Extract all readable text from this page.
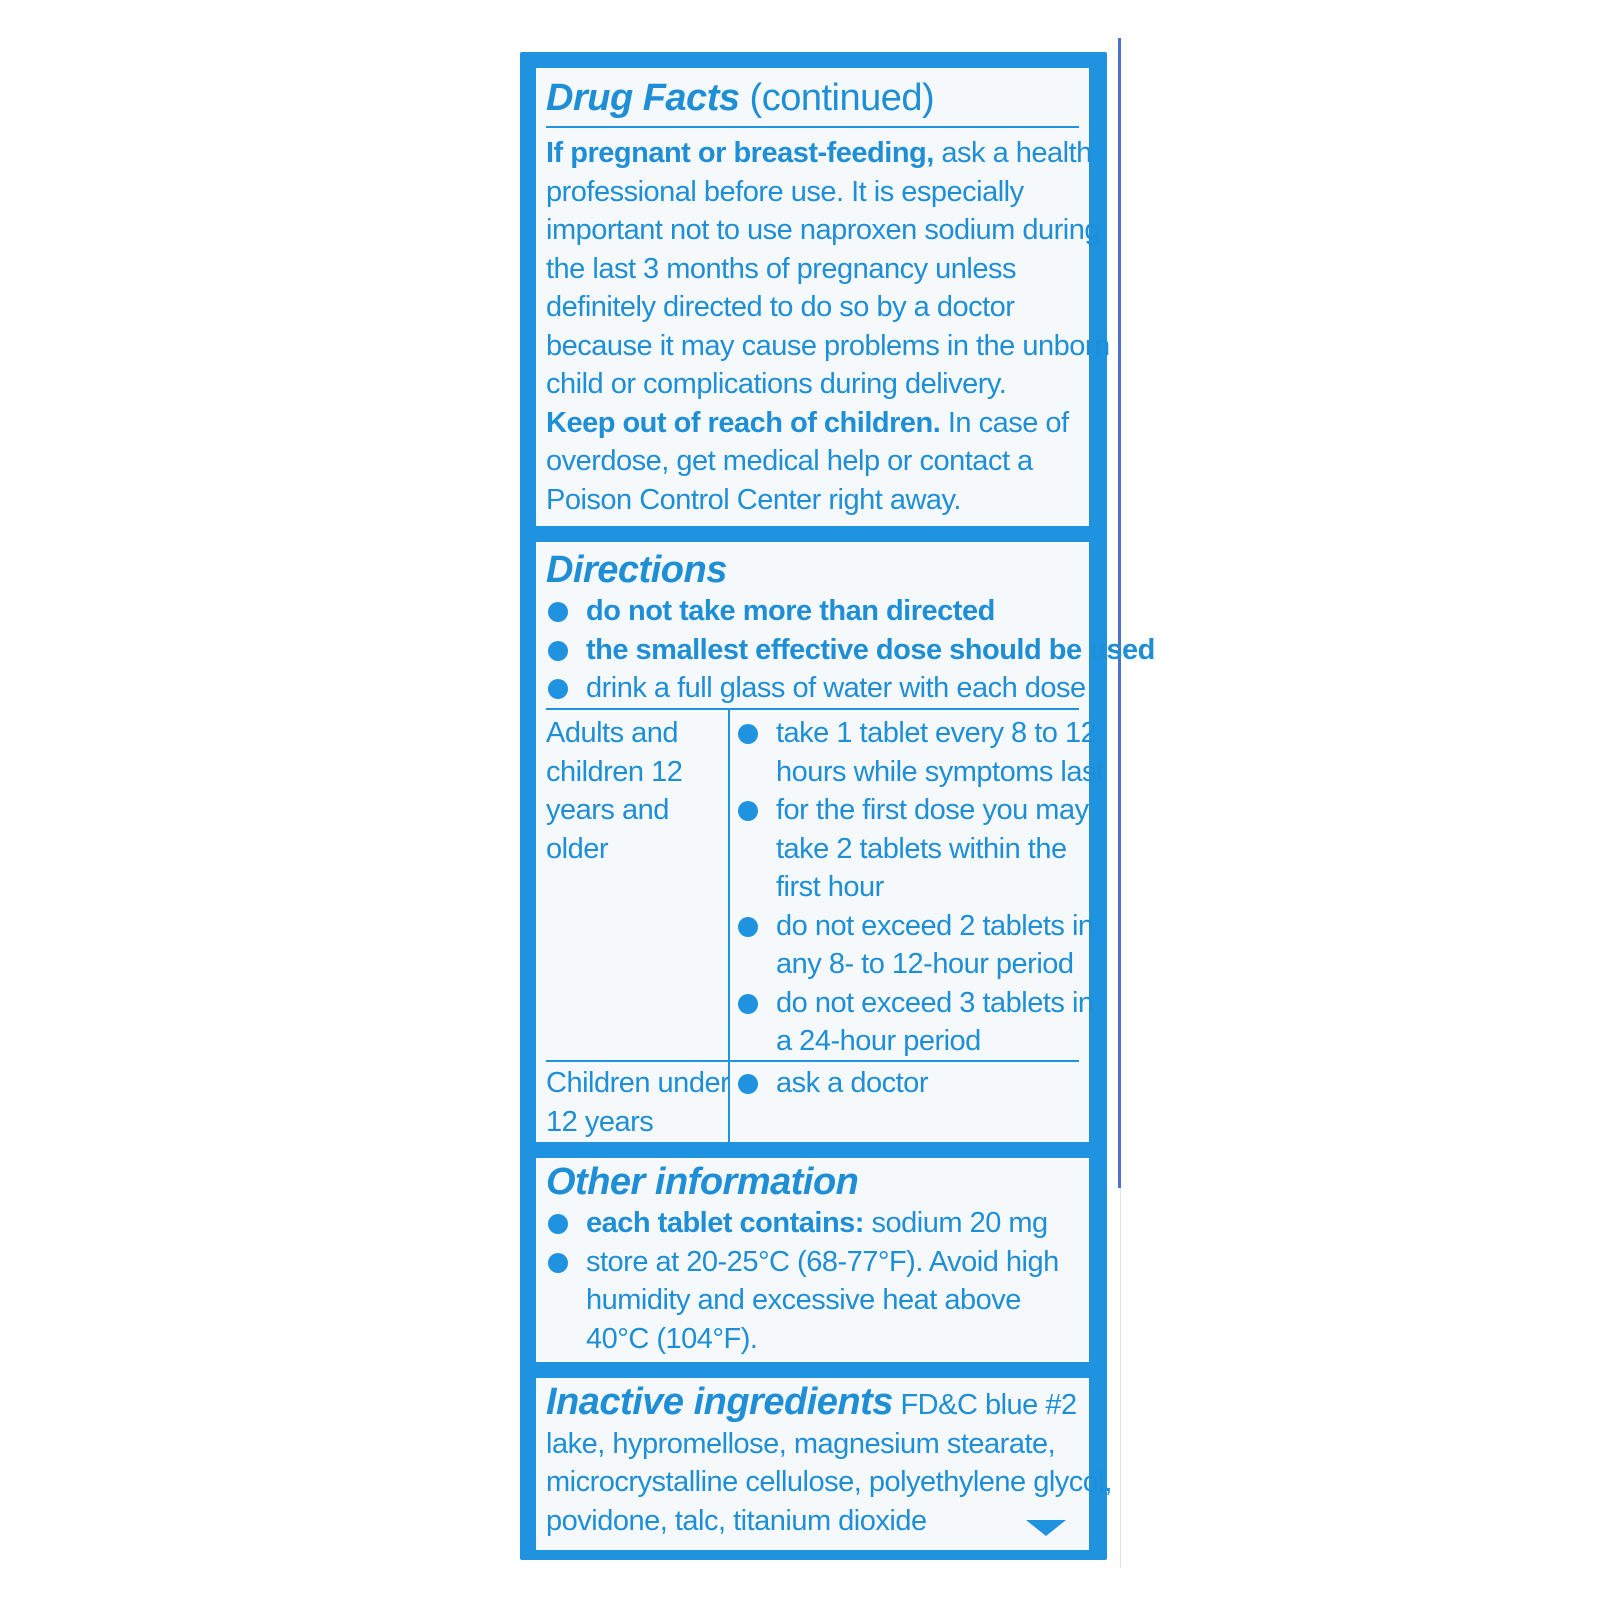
Drug Facts (continued)
If pregnant or breast-feeding, ask a health
professional before use. It is especially
important not to use naproxen sodium during
the last 3 months of pregnancy unless
definitely directed to do so by a doctor
because it may cause problems in the unborn
child or complications during delivery.
Keep out of reach of children. In case of
overdose, get medical help or contact a
Poison Control Center right away.
Directions
do not take more than directed
the smallest effective dose should be used
drink a full glass of water with each dose
Adults and
children 12
years and
older
take 1 tablet every 8 to 12
hours while symptoms last
for the first dose you may
take 2 tablets within the
first hour
do not exceed 2 tablets in
any 8- to 12-hour period
do not exceed 3 tablets in
a 24-hour period
Children under
12 years
ask a doctor
Other information
each tablet contains: sodium 20 mg
store at 20-25°C (68-77°F). Avoid high
humidity and excessive heat above
40°C (104°F).
Inactive ingredients FD&C blue #2
lake, hypromellose, magnesium stearate,
microcrystalline cellulose, polyethylene glycol,
povidone, talc, titanium dioxide
